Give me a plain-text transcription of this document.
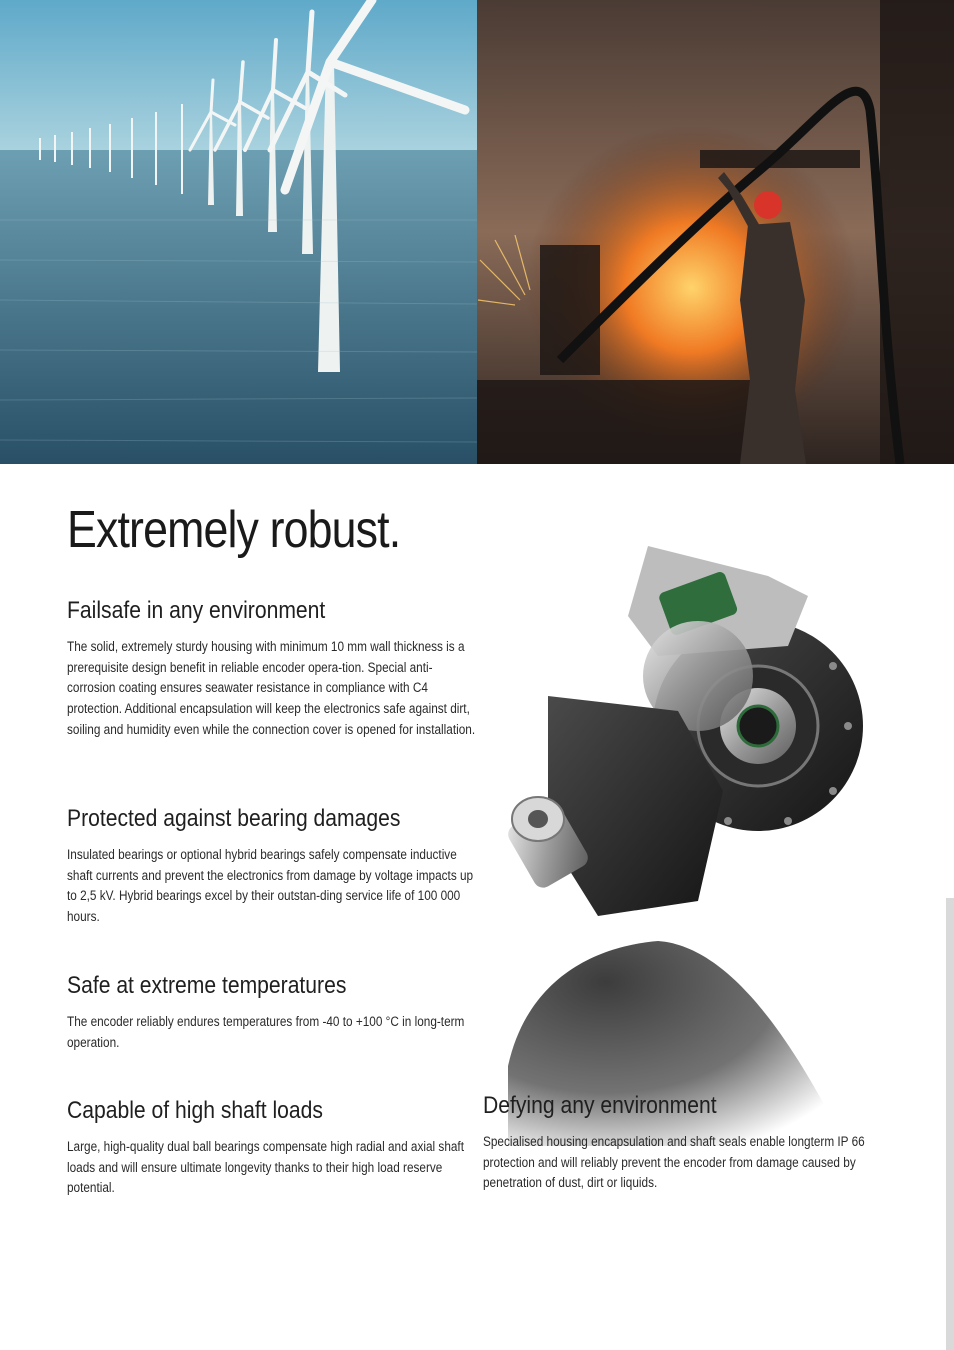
Extremely robust.
Failsafe in any environment

The solid, extremely sturdy housing with minimum 10 mm wall thickness is a prerequisite design benefit in reliable encoder opera-tion. Special anti-corrosion coating ensures seawater resistance in compliance with C4 protection. Additional encapsulation will keep the electronics safe against dirt, soiling and humidity even while the connection cover is opened for installation.

Protected against bearing damages

Insulated bearings or optional hybrid bearings safely compensate inductive shaft currents and prevent the electronics from damage by voltage impacts up to 2,5 kV. Hybrid bearings excel by their outstan-ding service life of 100 000 hours.

Safe at extreme temperatures

The encoder reliably endures temperatures from -40 to +100 °C in long-term operation.

Capable of high shaft loads

Large, high-quality dual ball bearings compensate high radial and axial shaft loads and will ensure ultimate longevity thanks to their high load reserve potential.

Defying any environment

Specialised housing encapsulation and shaft seals enable longterm IP 66 protection and will reliably prevent the encoder from damage caused by penetration of dust, dirt or liquids.
